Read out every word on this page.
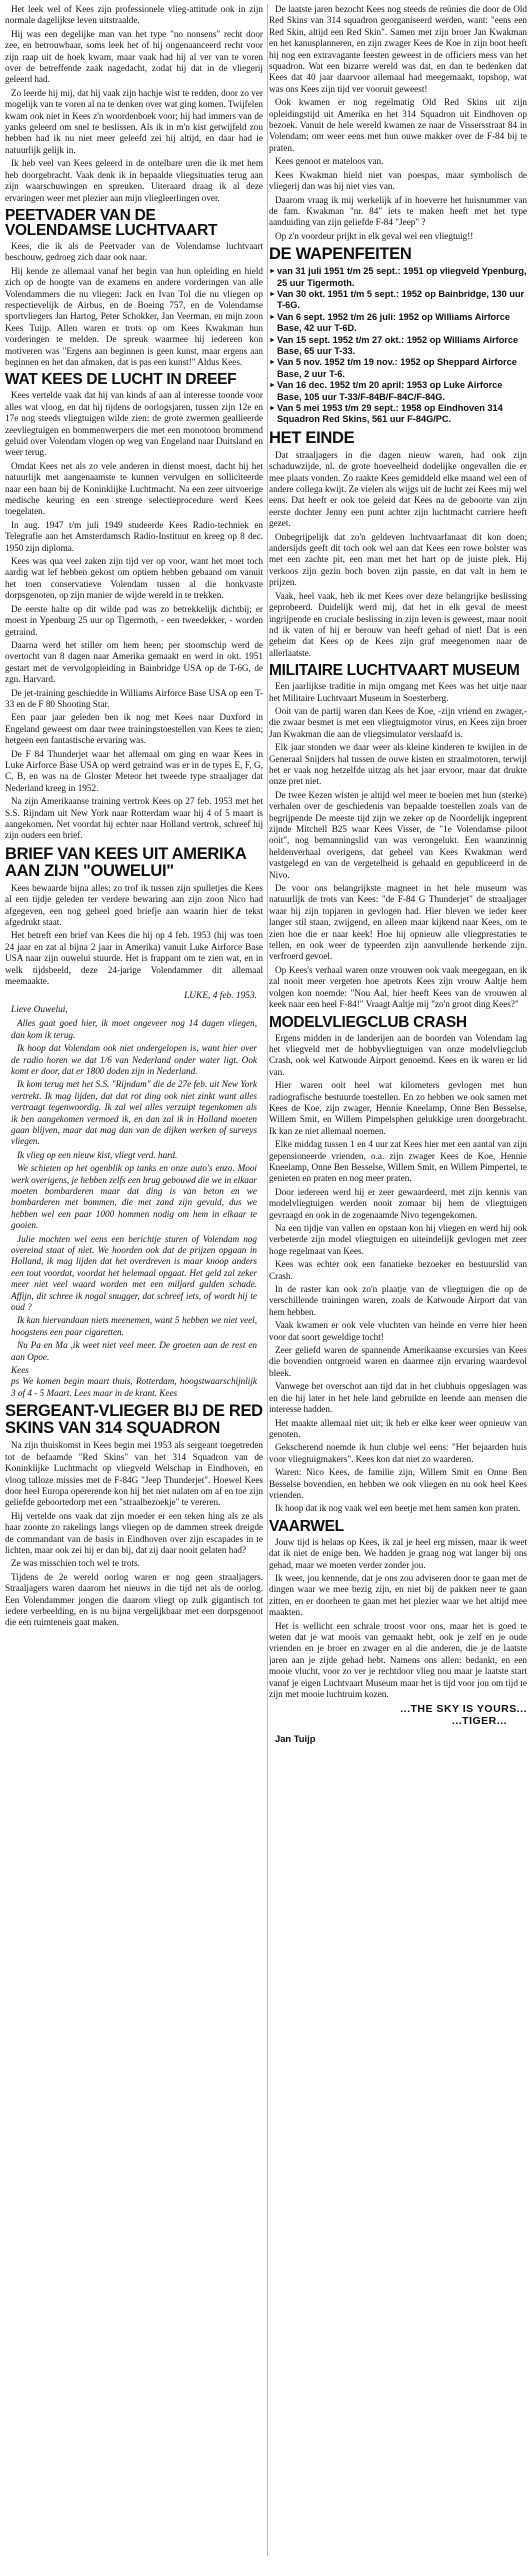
Het leek wel of Kees zijn professionele vlieg-attitude ook in zijn normale dagelijkse leven uitstraalde.

Hij was een degelijke man van het type "no nonsens" recht door zee, en betrouwbaar, soms leek het of hij ongenaanceerd recht voor zijn raap uit de hoek kwam, maar vaak had hij al ver van te voren over de betreffende zaak nagedacht, zodat hij dat in de vliegerij geleerd had.

Zo leerde hij mij, dat hij vaak zijn hachje wist te redden, door zo ver mogelijk van te voren al na te denken over wat ging komen. Twijfelen kwam ook niet in Kees z'n woordenboek voor; hij had immers van de yanks geleerd om snel te beslissen. Als ik in m'n kist getwijfeld zou hebben had ik nu niet meer geleefd zei hij altijd, en daar had ie natuurlijk gelijk in.

Ik heb veel van Kees geleerd in de ontelbare uren die ik met hem heb doorgebracht. Vaak denk ik in bepaalde vliegsituaties terug aan zijn waarschuwingen en spreuken. Uiteraard draag ik al deze ervaringen weer met plezier aan mijn vliegleerlingen over.

PEETVADER VAN DE VOLENDAMSE LUCHTVAART

Kees, die ik als de Peetvader van de Volendamse luchtvaart beschouw, gedroeg zich daar ook naar.

Hij kende ze allemaal vanaf het begin van hun opleiding en hield zich op de hoogte van de examens en andere vorderingen van alle Volendammers die nu vliegen: Jack en Ivan Tol die nu vliegen op respectievelijk de Airbus, en de Boeing 757, en de Volendamse sportvliegers Jan Hartog, Peter Schokker, Jan Veerman, en mijn zoon Kees Tuijp. Allen waren er trots op om Kees Kwakman hun vorderingen te melden. De spreuk waarmee hij iedereen kon motiveren was "Ergens aan beginnen is geen kunst, maar ergens aan beginnen en het dan afmaken, dat is pas een kunst!" Aldus Kees.

WAT KEES DE LUCHT IN DREEF

Kees vertelde vaak dat hij van kinds af aan al interesse toonde voor alles wat vloog, en dat hij tijdens de oorlogsjaren, tussen zijn 12e en 17e nog steeds vliegtuigen wilde zien: de grote zwermen geallieerde zeevliegtuigen en bommenwerpers die met een monotoon brommend geluid over Volendam vlogen op weg van Engeland naar Duitsland en weer terug.

Omdat Kees net als zo vele anderen in dienst moest, dacht hij het natuurlijk met aangenaamste te kunnen vervulgen en solliciteerde naar een baan bij de Koninklijke Luchtmacht. Na een zeer uitvoerige medische keuring en een strenge selectieprocedure werd Kees toegelaten.

In aug. 1947 t/m juli 1949 studeerde Kees Radio-techniek en Telegrafie aan het Amsterdamsch Radio-Instituut en kreeg op 8 dec. 1950 zijn diploma.

Kees was qua veel zaken zijn tijd ver op voor, want het moet toch aardig wat lef hebben gekost om optiem hebben gebaand om vanuit het toen conservatieve Volendam tussen al die honkvaste dorpsgenoten, op zijn manier de wijde wereld in te trekken.

De eerste halte op dit wilde pad was zo betrekkelijk dichtbij; er moest in Ypenburg 25 uur op Tigermoth, - een tweedekker, - worden getraind.

Daarna werd het stiller om hem heen; per stoomschip werd de overtocht van 8 dagen naar Amerika gemaakt en werd in okt. 1951 gestart met de vervolgopleiding in Bainbridge USA op de T-6G, de zgn. Harvard.

De jet-training geschiedde in Williams Airforce Base USA op een T-33 en de F 80 Shooting Star.

Een paar jaar geleden ben ik nog met Kees naar Duxford in Engeland geweest om daar twee trainingstoestellen van Kees te zien; hetgeen een fantastische ervaring was.

De F 84 Thunderjet waar het allemaal om ging en waar Kees in Luke Airforce Base USA op werd getraind was er in de types E, F, G, C, B, en was na de Gloster Meteor het tweede type straaljager dat Nederland kreeg in 1952.

Na zijn Amerikaanse training vertrok Kees op 27 feb. 1953 met het S.S. Rijndam uit New York naar Rotterdam waar hij 4 of 5 maart is aangekomen. Net voordat hij echter naar Holland vertrok, schreef hij zijn ouders een brief.

BRIEF VAN KEES UIT AMERIKA AAN ZIJN "OUWELUI"

Kees bewaarde bijna alles; zo trof ik tussen zijn spulletjes die Kees al een tijdje geleden ter verdere bewaring aan zijn zoon Nico had afgegeven, een nog geheel goed briefje aan waarin hier de tekst afgedrukt staat.

Het betreft een brief van Kees die hij op 4 feb. 1953 (hij was toen 24 jaar en zat al bijna 2 jaar in Amerika) vanuit Luke Airforce Base USA naar zijn ouwelui stuurde. Het is frappant om te zien wat, en in welk tijdsbeeld, deze 24-jarige Volendammer dit allemaal meemaakte.

LUKE, 4 feb. 1953.

Lieve Ouwelui,

Alles gaat goed hier, ik moet ongeveer nog 14 dagen vliegen, dan kom ik terug.

Ik hoop dat Volendam ook niet ondergelopen is, want hier over de radio horen we dat 1/6 van Nederland onder water ligt. Ook komt er door, dat er 1800 doden zijn in Nederland.

Ik kom terug met het S.S. "Rijndam" die de 27e feb. uit New York vertrekt. Ik mag lijden, dat dat rot ding ook niet zinkt want alles vertraagt tegenwoordig. Ik zal wel alles verzuipt tegenkomen als ik ben aangekomen vermoed ik, en dan zal ik in Holland moeten gaan blijven, maar dat mag dan van de dijken werken of surveys vliegen.

Ik vlieg op een nieuw kist, vliegt verd. hard.

We schieten op het ogenblik op tanks en onze auto's enzo. Mooi werk overigens, je hebben zelfs een brug gebouwd die we in elkaar moeten bombarderen maar dat ding is van beton en we bombarderen met bommen, die met zand zijn gevuld, dus we hebben wel een paar 1000 hommen nodig om hem in elkaar te gooien.

Julie mochten wel eens een berichtje sturen of Volendam nog overeind staat of niet. We hoorden ook dat de prijzen opgaan in Holland, ik mag lijden dat het overdreven is maar knoop anders een tout voordat, voordat het helemaal opgaat. Het geld zal zeker meer niet veel waard worden met een miljard gulden schade. Affijn, dit schree ik nogal snugger, dat schreef iets, of wordt hij te oud ?

Ik kan hiervandaan niets meenemen, want 5 hebben we niet veel, hoogstens een paar cigaretten.

Nu Pa en Ma ,ik weet niet veel meer. De groeten aan de rest en aan Opoe.

Kees

ps We komen begin maart thuis, Rotterdam, hoogstwaarschijnlijk 3 of 4 - 5 Maart. Lees maar in de krant. Kees

SERGEANT-VLIEGER BIJ DE RED SKINS VAN 314 SQUADRON

Na zijn thuiskomst in Kees begin mei 1953 als sergeant toegetreden tot de befaamde "Red Skins" van het 314 Squadron van de Koninklijke Luchtmacht op vliegveld Welschap in Eindhoven, en vloog talloze missies met de F-84G "Jeep Thunderjet". Hoewel Kees door heel Europa opererende kon hij het niet nalaten om af en toe zijn geliefde geboortedorp met een "straalbezoekje" te vereren.

Hij vertelde ons vaak dat zijn moeder er een teken hing als ze als haar zoonte zo rakelings langs vliegen op de dammen streek dreigde de commandant van de basis in Eindhoven over zijn escapades in te lichten, maar ook zei hij er dan bij, dat zij daar nooit gelaten had?

Ze was misschien toch wel te trots.

Tijdens de 2e wereld oorlog waren er nog geen straaljagers. Straaljagers waren daarom het nieuws in die tijd net als de oorlog. Een Volendammer jongen die daarom vliegt op zulk gigantisch tot iedere verbeelding, en is nu bijna vergelijkbaar met een dorpsgenoot die een ruimteneis gaat maken.

De laatste jaren bezocht Kees nog steeds de reünies die door de Old Red Skins van 314 squadron georganiseerd werden, want: "eens een Red Skin, altijd een Red Skin". Samen met zijn broer Jan Kwakman en het kanusplanneren, en zijn zwager Kees de Koe in zijn boot heeft hij nog een extravagante feesten geweest in de officiers mess van het squadron. Wat een bizarre wereld was dat, en dan te bedenken dat Kees dat 40 jaar daarvoor allemaal had meegemaakt, topshop, wat was ons Kees zijn tijd ver vooruit geweest!

Ook kwamen er nog regelmatig Old Red Skins uit zijn opleidingstijd uit Amerika en het 314 Squadron uit Eindhoven op bezoek. Vanuit de hele wereld kwamen ze naar de Vissersstraat 84 in Volendam; om weer eens met hun ouwe makker over de F-84 bij te praten.

Kees genoot er mateloos van.

Kees Kwakman hield niet van poespas, maar symbolisch de vliegerij dan was hij niet vies van.

Daarom vraag ik mij werkelijk af in hoeverre het huisnummer van de fam. Kwakman "nr. 84" iets te maken heeft met het type aanduiding van zijn geliefde F-84 "Jeep" ?

Op z'n voordeur prijkt in elk geval wel een vliegtuig!!

DE WAPENFEITEN
► van 31 juli 1951 t/m 25 sept.: 1951 op vliegveld Ypenburg, 25 uur Tigermoth.
► Van 30 okt. 1951 t/m 5 sept.: 1952 op Bainbridge, 130 uur T-6G.
► Van 6 sept. 1952 t/m 26 juli: 1952 op Williams Airforce Base, 42 uur T-6D.
► Van 15 sept. 1952 t/m 27 okt.: 1952 op Williams Airforce Base, 65 uur T-33.
► Van 5 nov. 1952 t/m 19 nov.: 1952 op Sheppard Airforce Base, 2 uur T-6.
► Van 16 dec. 1952 t/m 20 april: 1953 op Luke Airforce Base, 105 uur T-33/F-84B/F-84C/F-84G.
► Van 5 mei 1953 t/m 29 sept.: 1958 op Eindhoven 314 Squadron Red Skins, 561 uur F-84G/PC.
HET EINDE

Dat straaljagers in die dagen nieuw waren, had ook zijn schaduwzijde, nl. de grote hoeveelheid dodelijke ongevallen die er mee plaats vonden. Zo raakte Kees gemiddeld elke maand wel een of andere collega kwijt. Ze vielen als wijgs uit de lucht zei Kees mij wel eens. Dat heeft er ook toe geleid dat Kees na de geboorte van zijn eerste dochter Jenny een punt achter zijn luchtmacht carriere heeft gezet.

Onbegrijpelijk dat zo'n geldeven luchtvaarfanaat dit kon doen; andersijds geeft dit toch ook wel aan dat Kees een rowe bolster was met een zachte pit, een man met het hart op de juiste plek. Hij verkoos zijn gezin boch boven zijn passie, en dat valt in hem te prijzen.

Vaak, heel vaak, heb ik met Kees over deze belangrijke beslissing geprobeerd. Duidelijk werd mij, dat het in elk geval de meest ingrijpende en cruciale beslissing in zijn leven is geweest, maar nooit nd ik vaten of hij er berouw van heeft gehad of niet! Dat is een geheim dat Kees op de Kees zijn graf meegenomen naar de allerlaatste.

MILITAIRE LUCHTVAART MUSEUM

Een jaarlijkse traditie in mijn omgang met Kees was het uitje naar het Militaire Luchtvaart Museum in Soesterberg.

Ooit van de partij waren dan Kees de Koe, -zijn vriend en zwager,- die zwaar besmet is met een vliegtuigmotor virus, en Kees zijn broer Jan Kwakman die aan de vliegsimulator verslaafd is.

Elk jaar stonden we daar weer als kleine kinderen te kwijlen in de Generaal Snijders hal tussen de ouwe kisten en straalmotoren, terwijl het er vaak nog hetzelfde uitzag als het jaar ervoor, maar dat drukte onze pret niet.

De twee Kezen wisten je altijd wel meer te boeien met hun (sterke) verhalen over de geschiedenis van bepaalde toestellen zoals van de begrijpende De meeste tijd zijn we zeker op de Noordelijk ingeprent zijnde Mitchell B25 waar Kees Visser, de "1e Volendamse piloot ooit", nog bemanningslid van was verongelukt. Een waanzinnig heldenverhaal overigens, dat geheel van Kees Kwakman werd vastgelegd en van de vergetelheid is gehaald en gepubliceerd in de Nivo.

De voor ons belangrijkste magneet in het hele museum was natuurlijk de trots van Kees: "de F-84 G Thunderjet" de straaljager waar hij zijn topjaren in gevlogen had. Hier bleven we ieder keer langer stil staan, zwijgend, en alleen maar kijkend naar Kees, om te zien hoe die er naar keek! Hoe hij opnieuw alle vliegprestaties te tellen, en ook weer de typeerden zijn aanvullende herkende zijn. verfroerd gevoel.

Op Kees's verhaal waren onze vrouwen ook vaak meegegaan, en ik zal nooit meer vergeten hoe apetrots Kees zijn vrouw Aaltje hem volgen kon noemde: "Nou Aal, hier heeft Kees van de vrouwen al keek naar een heel F-84!" Vraagt Aaltje mij "zo'n groot ding Kees?"

MODELVLIEGCLUB CRASH

Ergens midden in de landerijen aan de boorden van Volendam lag het vliegveld met de hobbyvliegtuigen van onze modelvliegclub Crash, ook wel Katwoude Airport genoemd. Kees en ik waren er lid van.

Hier waren ooit heel wat kilometers gevlogen met hun radiografische bestuurde toestellen. En zo hebben we ook samen met Kees de Koe, zijn zwager, Hennie Kneelamp, Onne Ben Besselse, Willem Smit, en Willem Pimpelsphen gelukkige uren doorgebracht. Ik kan ze niet allemaal noemen.

Elke middag tussen 1 en 4 uur zat Kees hier met een aantal van zijn gepensioneerde vrienden, o.a. zijn zwager Kees de Koe, Hennie Kneelamp, Onne Ben Besselse, Willem Smit, en Willem Pimpertel, te genieten en praten en nog meer praten.

Door iedereen werd hij er zeer gewaardeerd, met zijn kennis van modelvliegtuigen werden nooit zomaar bij hem de vliegtuigen gevraagd en ook in de zogenaamde Nivo tegengekomen.

Na een tijdje van vallen en opstaan kon hij vliegen en werd hij ook verbeterde zijn model vliegtuigen en uiteindelijk gevlogen met zeer hoge regelmaat van Kees.

Kees was echter ook een fanatieke bezoeker en bestuurslid van Crash.

In de raster kan ook zo'n plaatje van de vliegtuigen die op de verschillende trainingen waren, zoals de Katwoude Airport dat van hem hebben.

Vaak kwamen er ook vele vluchten van heinde en verre hier heen voor dat soort geweldige tocht!

Zeer geliefd waren de spannende Amerikaanse excursies van Kees die bovendien ontgroeid waren en daarmee zijn ervaring waardevol bleek.

Vanwege het overschot aan tijd dat in het clubhuis opgeslagen was en die hij later in het hele land gebruikte en leende aan mensen die interesse hadden.

Het maakte allemaal niet uit; ik heb er elke keer weer opnieuw van genoten.

Gekscherend noemde ik hun clubje wel eens: "Het bejaarden huis voor vliegtuigmakers". Kees kon dat niet zo waarderen.

Waren: Nico Kees, de familie zijn, Willem Smit en Onne Ben Besselse bovendien, en hebben we ook vliegen en nu ook heel Kees vrienden.

Ik hoop dat ik nog vaak wel een beetje met hem samen kon praten.

VAARWEL

Jouw tijd is helaas op Kees, ik zal je heel erg missen, maar ik weet dat ik niet de enige ben. We hadden je graag nog wat langer bij ons gehad, maar we moeten verder zonder jou.

Ik weet, jou kennende, dat je ons zou adviseren door te gaan met de dingen waar we mee bezig zijn, en niet bij de pakken neer te gaan zitten, en er doorheen te gaan met het plezier waar we het altijd mee maakten.

Het is wellicht een schrale troost voor ons, maar het is goed te weten dat je wat moois van gemaakt hebt, ook je zelf en je oude vrienden en je broer en zwager en al die anderen, die je de laatste jaren aan je zijde gehad hebt. Namens ons allen: bedankt, en een mooie vlucht, voor zo ver je rechtdoor vlieg nou maar je laatste start vanaf je eigen Luchtvaart Museum maar het is tijd voor jou om tijd te zijn met mooie luchtruim kozen.

...THE SKY IS YOURS...

...TIGER...

Jan Tuijp
